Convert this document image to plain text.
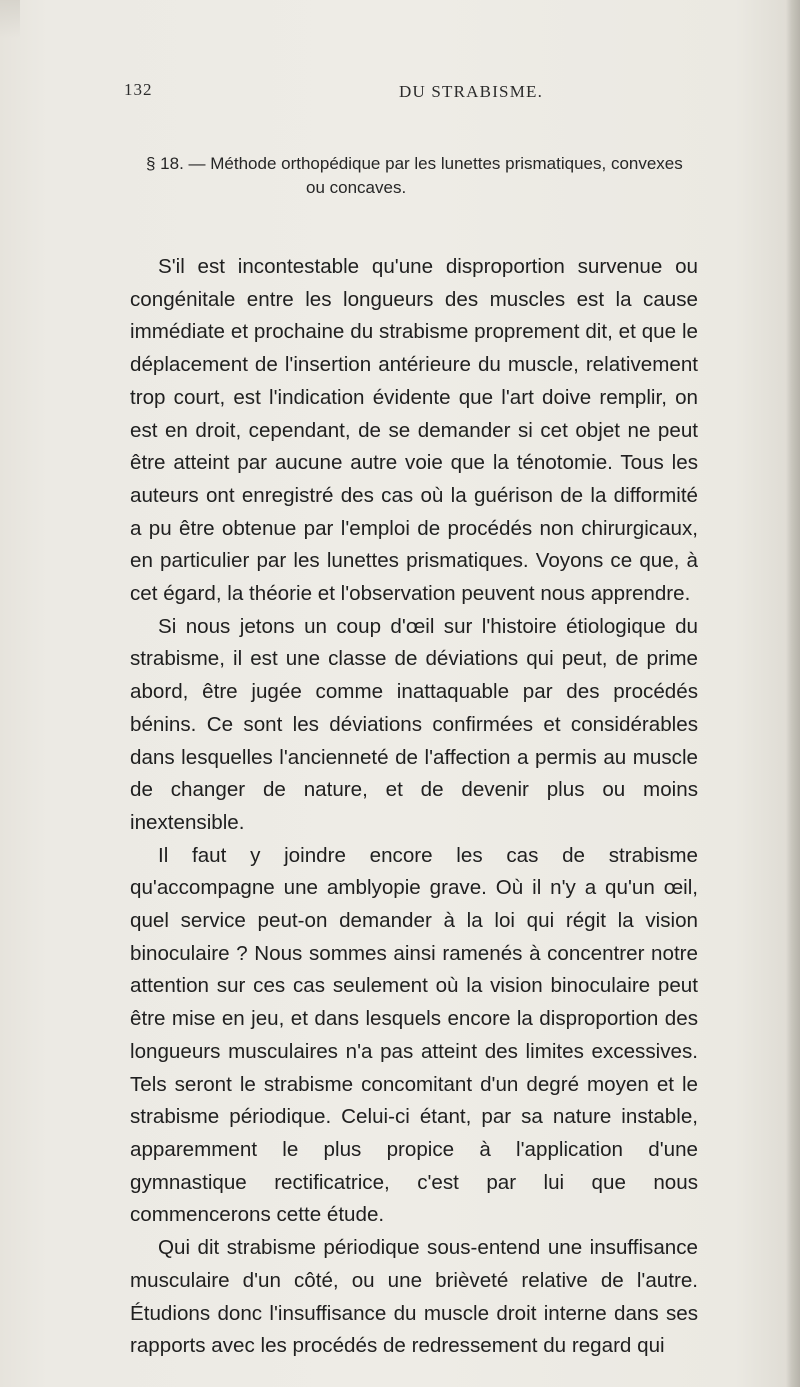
132	DU STRABISME.
§ 18. — Méthode orthopédique par les lunettes prismatiques, convexes
ou concaves.

S'il est incontestable qu'une disproportion survenue ou congénitale entre les longueurs des muscles est la cause immédiate et prochaine du strabisme proprement dit, et que le déplacement de l'insertion antérieure du muscle, relativement trop court, est l'indication évidente que l'art doive remplir, on est en droit, cependant, de se demander si cet objet ne peut être atteint par aucune autre voie que la ténotomie. Tous les auteurs ont enregistré des cas où la guérison de la difformité a pu être obtenue par l'emploi de procédés non chirurgicaux, en particulier par les lunettes prismatiques. Voyons ce que, à cet égard, la théorie et l'observation peuvent nous apprendre.

Si nous jetons un coup d'œil sur l'histoire étiologique du strabisme, il est une classe de déviations qui peut, de prime abord, être jugée comme inattaquable par des procédés bénins. Ce sont les déviations confirmées et considérables dans lesquelles l'ancienneté de l'affection a permis au muscle de changer de nature, et de devenir plus ou moins inextensible.

Il faut y joindre encore les cas de strabisme qu'accompagne une amblyopie grave. Où il n'y a qu'un œil, quel service peut-on demander à la loi qui régit la vision binoculaire ? Nous sommes ainsi ramenés à concentrer notre attention sur ces cas seulement où la vision binoculaire peut être mise en jeu, et dans lesquels encore la disproportion des longueurs musculaires n'a pas atteint des limites excessives. Tels seront le strabisme concomitant d'un degré moyen et le strabisme périodique. Celui-ci étant, par sa nature instable, apparemment le plus propice à l'application d'une gymnastique rectificatrice, c'est par lui que nous commencerons cette étude.

Qui dit strabisme périodique sous-entend une insuffisance musculaire d'un côté, ou une brièveté relative de l'autre. Étudions donc l'insuffisance du muscle droit interne dans ses rapports avec les procédés de redressement du regard qui
